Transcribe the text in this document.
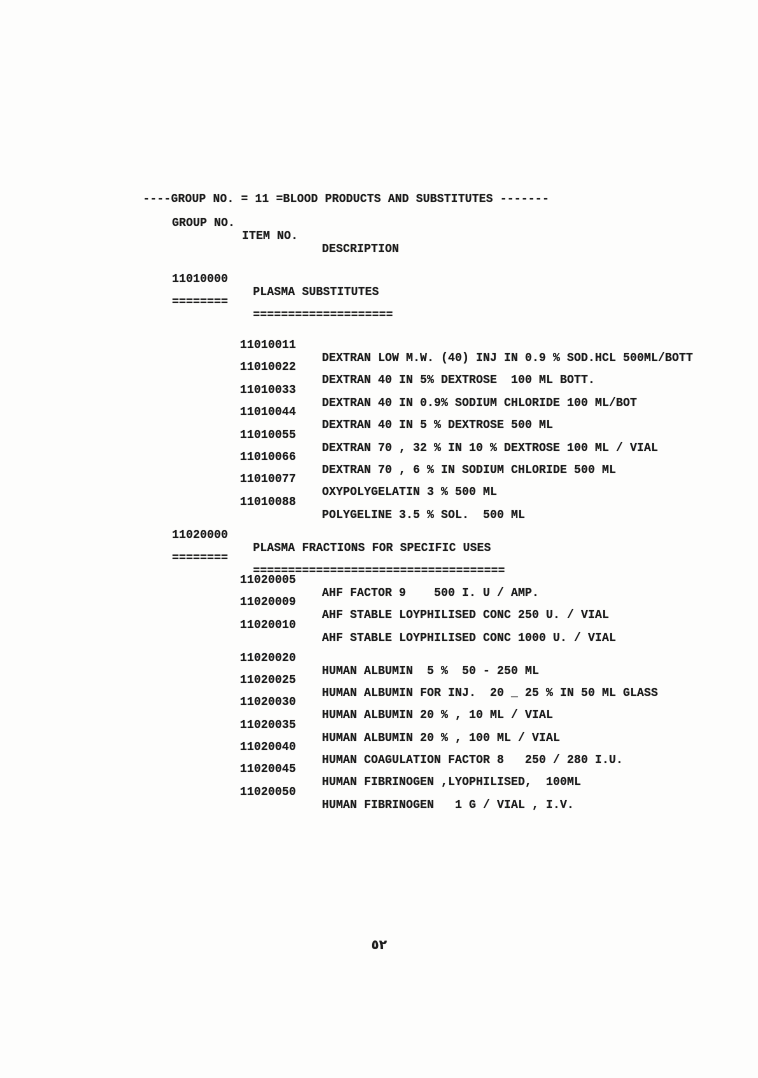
----GROUP NO. = 11 =BLOOD PRODUCTS AND SUBSTITUTES -------

GROUP NO.

ITEM NO.

DESCRIPTION

11010000

PLASMA SUBSTITUTES

========

====================

11010011

DEXTRAN LOW M.W. (40) INJ IN 0.9 % SOD.HCL 500ML/BOTT

11010022

DEXTRAN 40 IN 5% DEXTROSE  100 ML BOTT.

11010033

DEXTRAN 40 IN 0.9% SODIUM CHLORIDE 100 ML/BOT

11010044

DEXTRAN 40 IN 5 % DEXTROSE 500 ML

11010055

DEXTRAN 70 , 32 % IN 10 % DEXTROSE 100 ML / VIAL

11010066

DEXTRAN 70 , 6 % IN SODIUM CHLORIDE 500 ML

11010077

OXYPOLYGELATIN 3 % 500 ML

11010088

POLYGELINE 3.5 % SOL.  500 ML

11020000

PLASMA FRACTIONS FOR SPECIFIC USES

========

====================================

11020005

AHF FACTOR 9    500 I. U / AMP.

11020009

AHF STABLE LOYPHILISED CONC 250 U. / VIAL

11020010

AHF STABLE LOYPHILISED CONC 1000 U. / VIAL

11020020

HUMAN ALBUMIN  5 %  50 - 250 ML

11020025

HUMAN ALBUMIN FOR INJ.  20 _ 25 % IN 50 ML GLASS

11020030

HUMAN ALBUMIN 20 % , 10 ML / VIAL

11020035

HUMAN ALBUMIN 20 % , 100 ML / VIAL

11020040

HUMAN COAGULATION FACTOR 8   250 / 280 I.U.

11020045

HUMAN FIBRINOGEN ,LYOPHILISED,  100ML

11020050

HUMAN FIBRINOGEN   1 G / VIAL , I.V.

٥٢
